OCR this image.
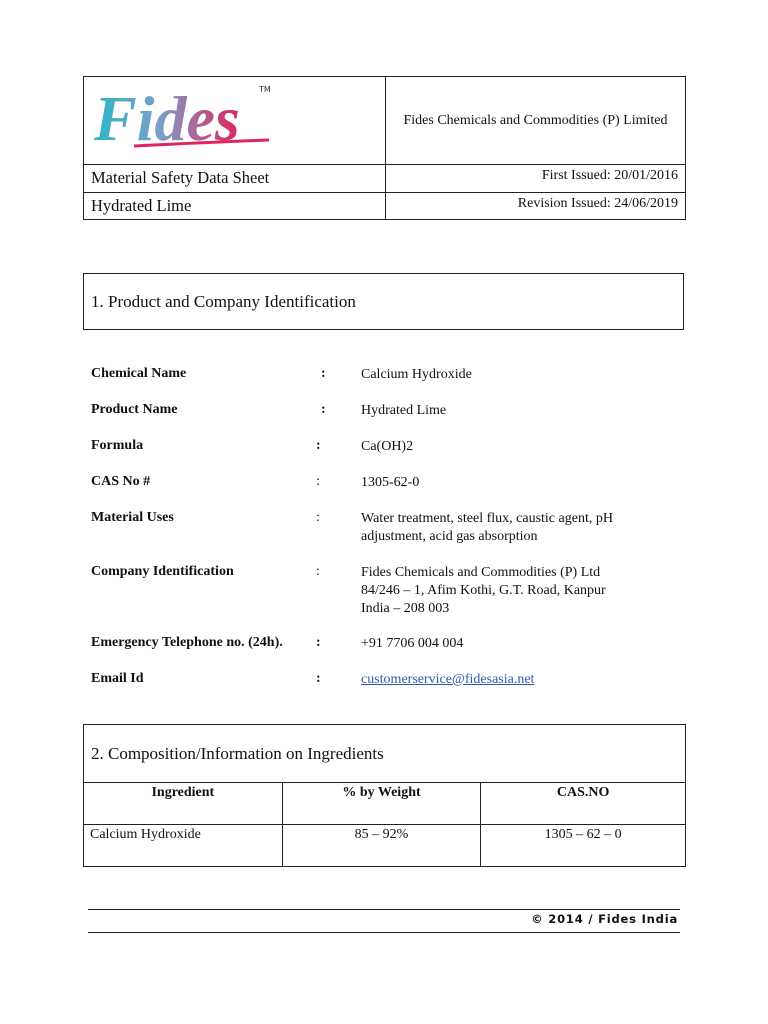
Fides TM	Fides Chemicals and Commodities (P) Limited
Material Safety Data Sheet	First Issued: 20/01/2016
Hydrated Lime	Revision Issued: 24/06/2019
1. Product and Company Identification
Chemical Name	:	Calcium Hydroxide
Product Name	:	Hydrated Lime
Formula	:	Ca(OH)2
CAS No #	:	1305-62-0
Material Uses	:	Water treatment, steel flux, caustic agent, pH adjustment, acid gas absorption
Company Identification	:	Fides Chemicals and Commodities (P) Ltd
84/246 – 1, Afim Kothi, G.T. Road, Kanpur
India – 208 003
Emergency Telephone no. (24h). :	+91 7706 004 004
Email Id	:	customerservice@fidesasia.net
2. Composition/Information on Ingredients		
Ingredient	% by Weight	CAS.NO
Calcium Hydroxide	85 – 92%	1305 – 62 – 0
© 2014 / Fides India
